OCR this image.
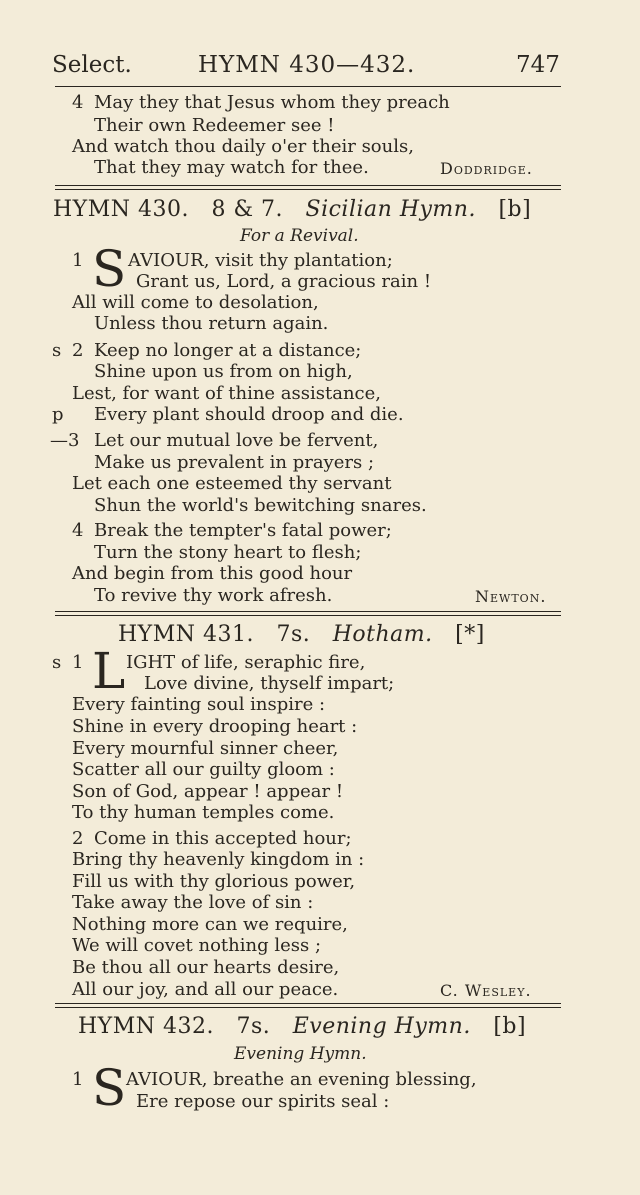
Select.	HYMN 430—432.	747
4 May they that Jesus whom they preach
Their own Redeemer see !
And watch thou daily o'er their souls,
That they may watch for thee.	Doddridge.
HYMN 430. 8 & 7. Sicilian Hymn. [b]
For a Revival.
1 S AVIOUR, visit thy plantation;
Grant us, Lord, a gracious rain !
All will come to desolation,
Unless thou return again.
s 2 Keep no longer at a distance;
Shine upon us from on high,
Lest, for want of thine assistance,
p Every plant should droop and die.
—3 Let our mutual love be fervent,
Make us prevalent in prayers ;
Let each one esteemed thy servant
Shun the world's bewitching snares.
4 Break the tempter's fatal power;
Turn the stony heart to flesh;
And begin from this good hour
To revive thy work afresh.	Newton.
HYMN 431. 7s. Hotham. [*]
s 1 L IGHT of life, seraphic fire,
Love divine, thyself impart;
Every fainting soul inspire :
Shine in every drooping heart :
Every mournful sinner cheer,
Scatter all our guilty gloom :
Son of God, appear ! appear !
To thy human temples come.
2 Come in this accepted hour;
Bring thy heavenly kingdom in :
Fill us with thy glorious power,
Take away the love of sin :
Nothing more can we require,
We will covet nothing less ;
Be thou all our hearts desire,
All our joy, and all our peace.	C. Wesley.
HYMN 432. 7s. Evening Hymn. [b]
Evening Hymn.
1 S AVIOUR, breathe an evening blessing,
Ere repose our spirits seal :
